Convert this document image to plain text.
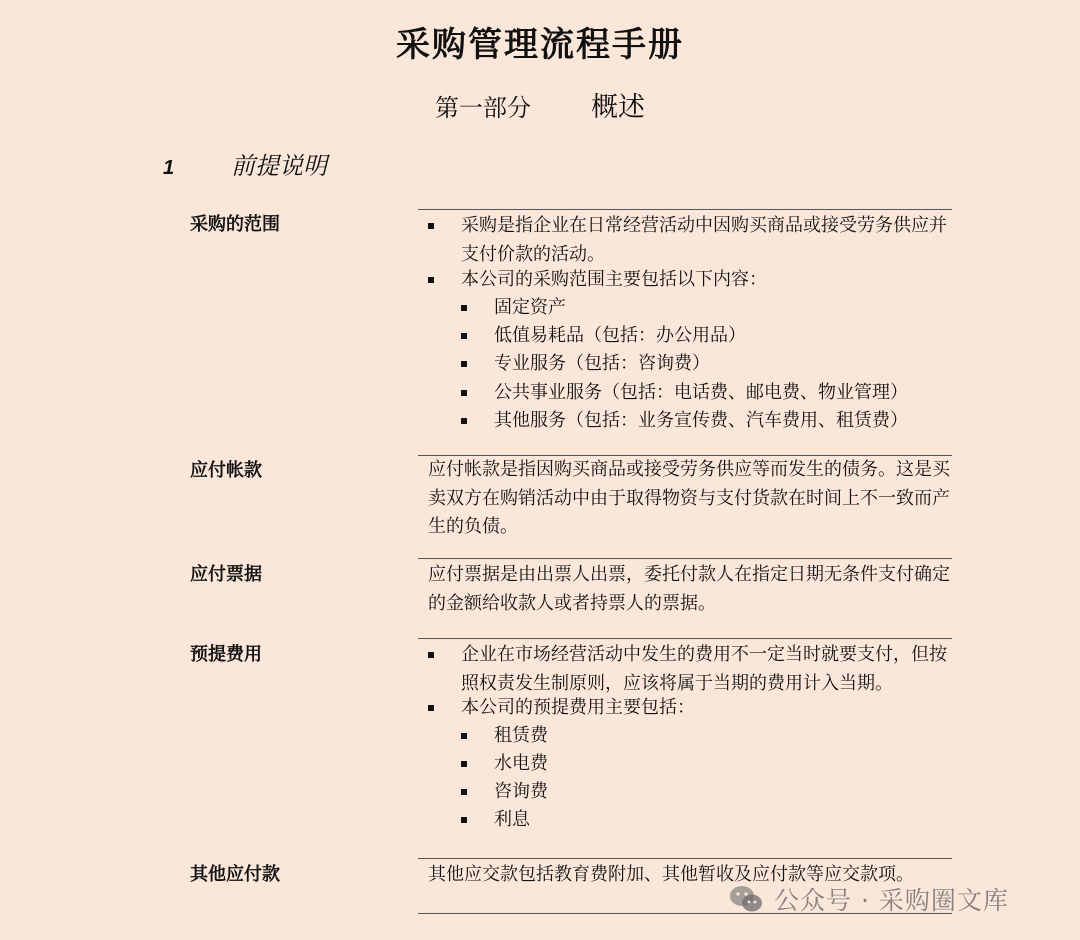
采购管理流程手册
第一部分 概述
1 前提说明
采购的范围	采购是指企业在日常经营活动中因购买商品或接受劳务供应并支付价款的活动。
本公司的采购范围主要包括以下内容：
固定资产
低值易耗品（包括：办公用品）
专业服务（包括：咨询费）
公共事业服务（包括：电话费、邮电费、物业管理）
其他服务（包括：业务宣传费、汽车费用、租赁费）
应付帐款	应付帐款是指因购买商品或接受劳务供应等而发生的债务。这是买卖双方在购销活动中由于取得物资与支付货款在时间上不一致而产生的负债。
应付票据	应付票据是由出票人出票，委托付款人在指定日期无条件支付确定的金额给收款人或者持票人的票据。
预提费用	企业在市场经营活动中发生的费用不一定当时就要支付，但按照权责发生制原则，应该将属于当期的费用计入当期。
本公司的预提费用主要包括：
租赁费
水电费
咨询费
利息
其他应付款	其他应交款包括教育费附加、其他暂收及应付款等应交款项。
公众号 · 采购圈文库
